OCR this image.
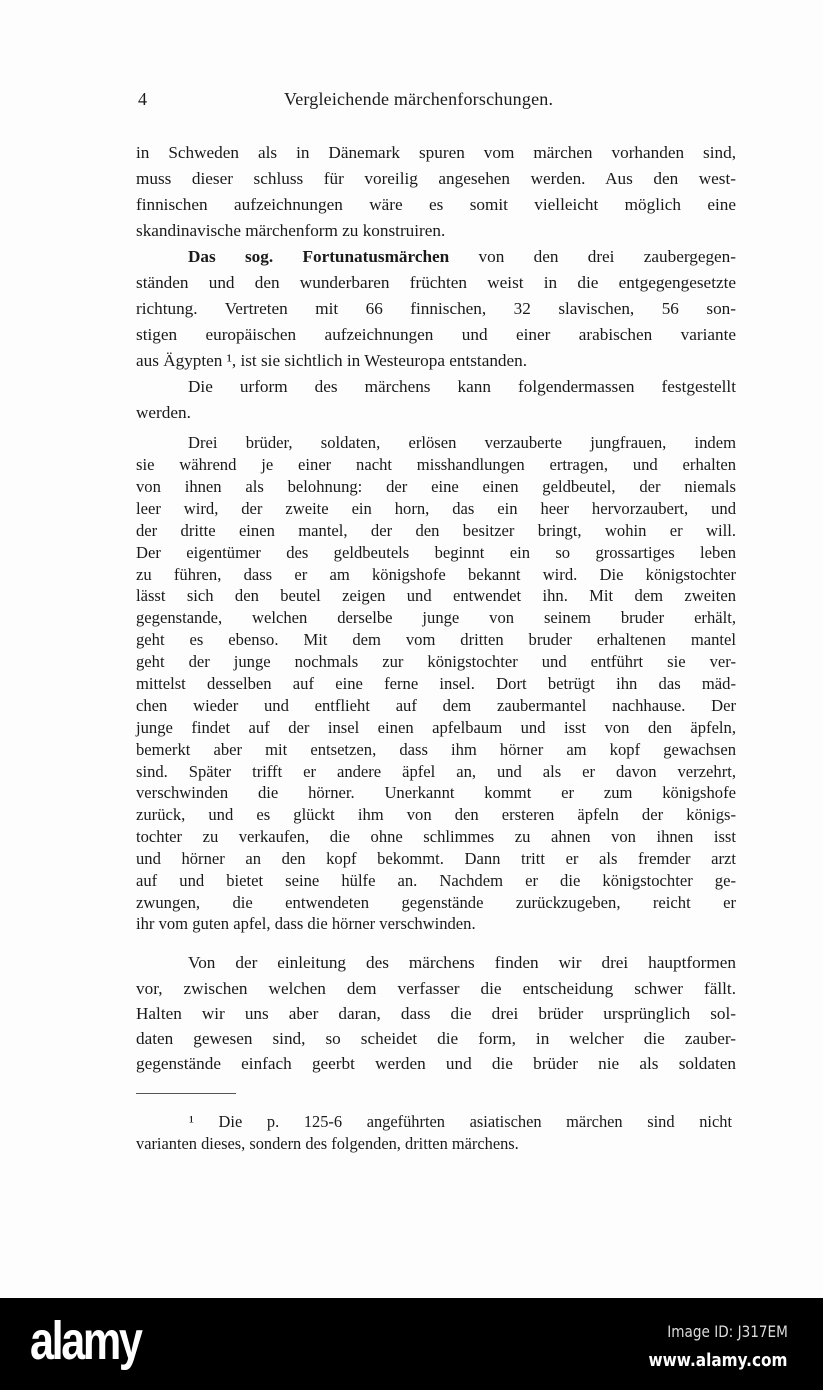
4	Vergleichende märchenforschungen.
in Schweden als in Dänemark spuren vom märchen vorhanden sind,
muss dieser schluss für voreilig angesehen werden. Aus den west-
finnischen aufzeichnungen wäre es somit vielleicht möglich eine
skandinavische märchenform zu konstruiren.
Das sog. Fortunatusmärchen von den drei zaubergegen-
ständen und den wunderbaren früchten weist in die entgegengesetzte
richtung. Vertreten mit 66 finnischen, 32 slavischen, 56 son-
stigen europäischen aufzeichnungen und einer arabischen variante
aus Ägypten ¹, ist sie sichtlich in Westeuropa entstanden.
Die urform des märchens kann folgendermassen festgestellt
werden.
Drei brüder, soldaten, erlösen verzauberte jungfrauen, indem
sie während je einer nacht misshandlungen ertragen, und erhalten
von ihnen als belohnung: der eine einen geldbeutel, der niemals
leer wird, der zweite ein horn, das ein heer hervorzaubert, und
der dritte einen mantel, der den besitzer bringt, wohin er will.
Der eigentümer des geldbeutels beginnt ein so grossartiges leben
zu führen, dass er am königshofe bekannt wird. Die königstochter
lässt sich den beutel zeigen und entwendet ihn. Mit dem zweiten
gegenstande, welchen derselbe junge von seinem bruder erhält,
geht es ebenso. Mit dem vom dritten bruder erhaltenen mantel
geht der junge nochmals zur königstochter und entführt sie ver-
mittelst desselben auf eine ferne insel. Dort betrügt ihn das mäd-
chen wieder und entflieht auf dem zaubermantel nachhause. Der
junge findet auf der insel einen apfelbaum und isst von den äpfeln,
bemerkt aber mit entsetzen, dass ihm hörner am kopf gewachsen
sind. Später trifft er andere äpfel an, und als er davon verzehrt,
verschwinden die hörner. Unerkannt kommt er zum königshofe
zurück, und es glückt ihm von den ersteren äpfeln der königs-
tochter zu verkaufen, die ohne schlimmes zu ahnen von ihnen isst
und hörner an den kopf bekommt. Dann tritt er als fremder arzt
auf und bietet seine hülfe an. Nachdem er die königstochter ge-
zwungen, die entwendeten gegenstände zurückzugeben, reicht er
ihr vom guten apfel, dass die hörner verschwinden.
Von der einleitung des märchens finden wir drei hauptformen
vor, zwischen welchen dem verfasser die entscheidung schwer fällt.
Halten wir uns aber daran, dass die drei brüder ursprünglich sol-
daten gewesen sind, so scheidet die form, in welcher die zauber-
gegenstände einfach geerbt werden und die brüder nie als soldaten
¹ Die p. 125-6 angeführten asiatischen märchen sind nicht
varianten dieses, sondern des folgenden, dritten märchens.
alamy	Image ID: J317EM
www.alamy.com
